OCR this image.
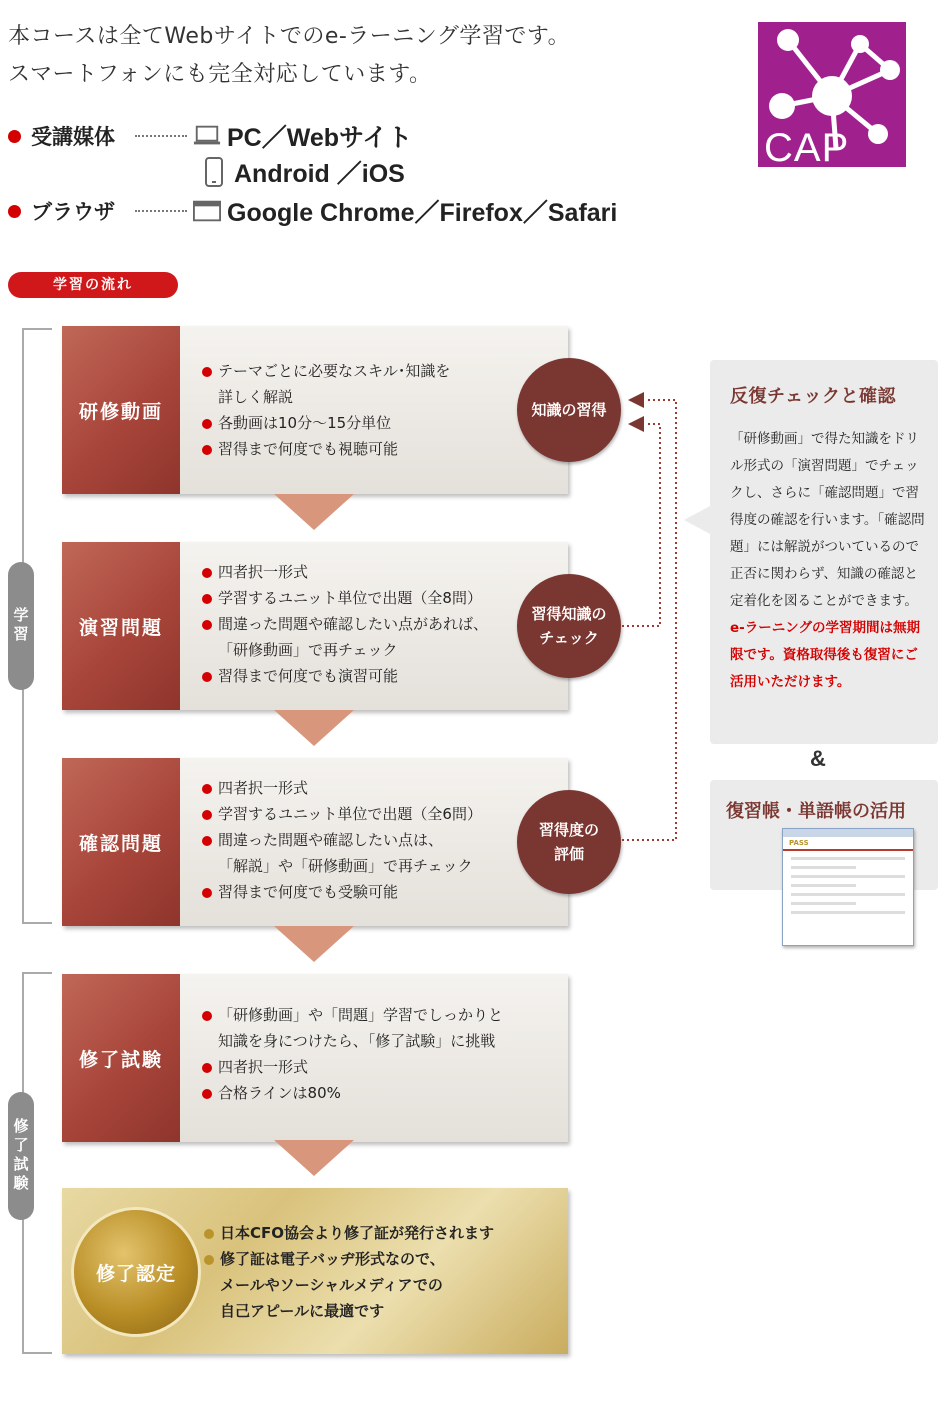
本コースは全てWebサイトでのe-ラーニング学習です。
スマートフォンにも完全対応しています。
受講媒体	PC／Webサイト
Android ／iOS
ブラウザ	Google Chrome／Firefox／Safari
CAP
学習の流れ
学習
修了試験
研修動画
テーマごとに必要なスキル･知識を
詳しく解説
各動画は10分～15分単位
習得まで何度でも視聴可能
知識の習得
演習問題
四者択一形式
学習するユニット単位で出題（全8問）
間違った問題や確認したい点があれば、
「研修動画」で再チェック
習得まで何度でも演習可能
習得知識の
チェック
確認問題
四者択一形式
学習するユニット単位で出題（全6問）
間違った問題や確認したい点は、
「解説」や「研修動画」で再チェック
習得まで何度でも受験可能
習得度の
評価
修了試験
「研修動画」や「問題」学習でしっかりと
知識を身につけたら、「修了試験」に挑戦
四者択一形式
合格ラインは80%
修了認定
日本CFO協会より修了証が発行されます
修了証は電子バッヂ形式なので、
メールやソーシャルメディアでの
自己アピールに最適です
反復チェックと確認
「研修動画」で得た知識をドリル形式の「演習問題」でチェックし、さらに「確認問題」で習得度の確認を行います。「確認問題」には解説がついているので正否に関わらず、知識の確認と定着化を図ることができます。e-ラーニングの学習期間は無期限です。資格取得後も復習にご活用いただけます。
&
復習帳・単語帳の活用
PASS
